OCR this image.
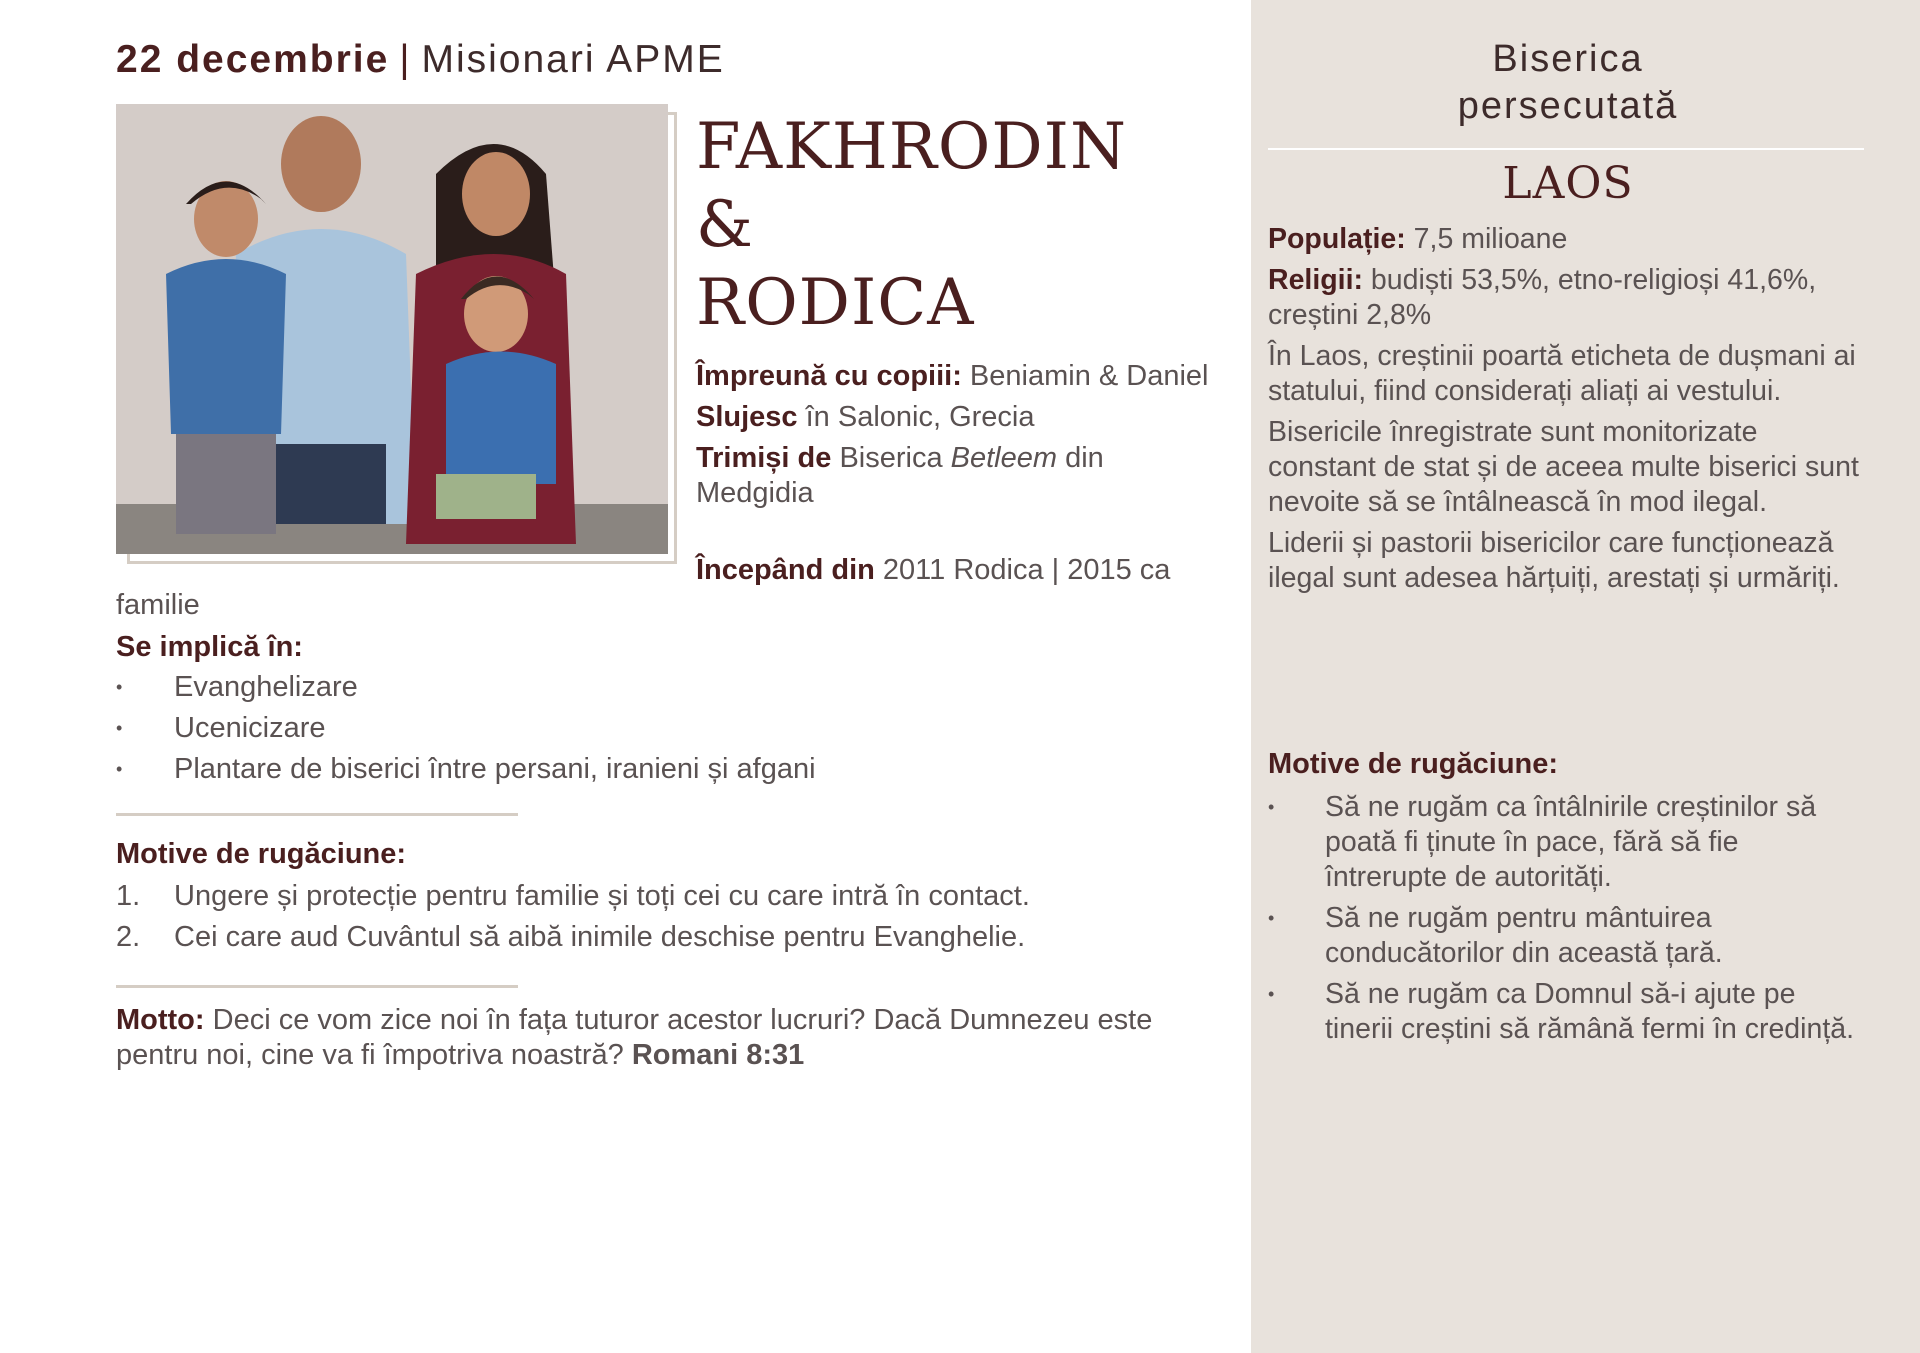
22 decembrie | Misionari APME
FAKHRODIN &
RODICA

Împreună cu copiii: Beniamin & Daniel

Slujesc în Salonic, Grecia

Trimiși de Biserica Betleem din Medgidia

Începând din 2011 Rodica | 2015 ca familie

Se implică în:
• Evanghelizare
• Ucenicizare
• Plantare de biserici între persani, iranieni și afgani
Motive de rugăciune:
1. Ungere și protecție pentru familie și toți cei cu care intră în contact.
2. Cei care aud Cuvântul să aibă inimile deschise pentru Evanghelie.

Motto: Deci ce vom zice noi în fața tuturor acestor lucruri? Dacă Dumnezeu este pentru noi, cine va fi împotriva noastră? Romani 8:31

Biserica
persecutată
LAOS

Populație: 7,5 milioane

Religii: budiști 53,5%, etno-religioși 41,6%, creștini 2,8%

În Laos, creștinii poartă eticheta de dușmani ai statului, fiind considerați aliați ai vestului.

Bisericile înregistrate sunt monitorizate constant de stat și de aceea multe biserici sunt nevoite să se întâlnească în mod ilegal.

Liderii și pastorii bisericilor care funcționează ilegal sunt adesea hărțuiți, arestați și urmăriți.

Motive de rugăciune:
• Să ne rugăm ca întâlnirile creștinilor să poată fi ținute în pace, fără să fie întrerupte de autorități.
• Să ne rugăm pentru mântuirea conducătorilor din această țară.
• Să ne rugăm ca Domnul să-i ajute pe tinerii creștini să rămână fermi în credință.
